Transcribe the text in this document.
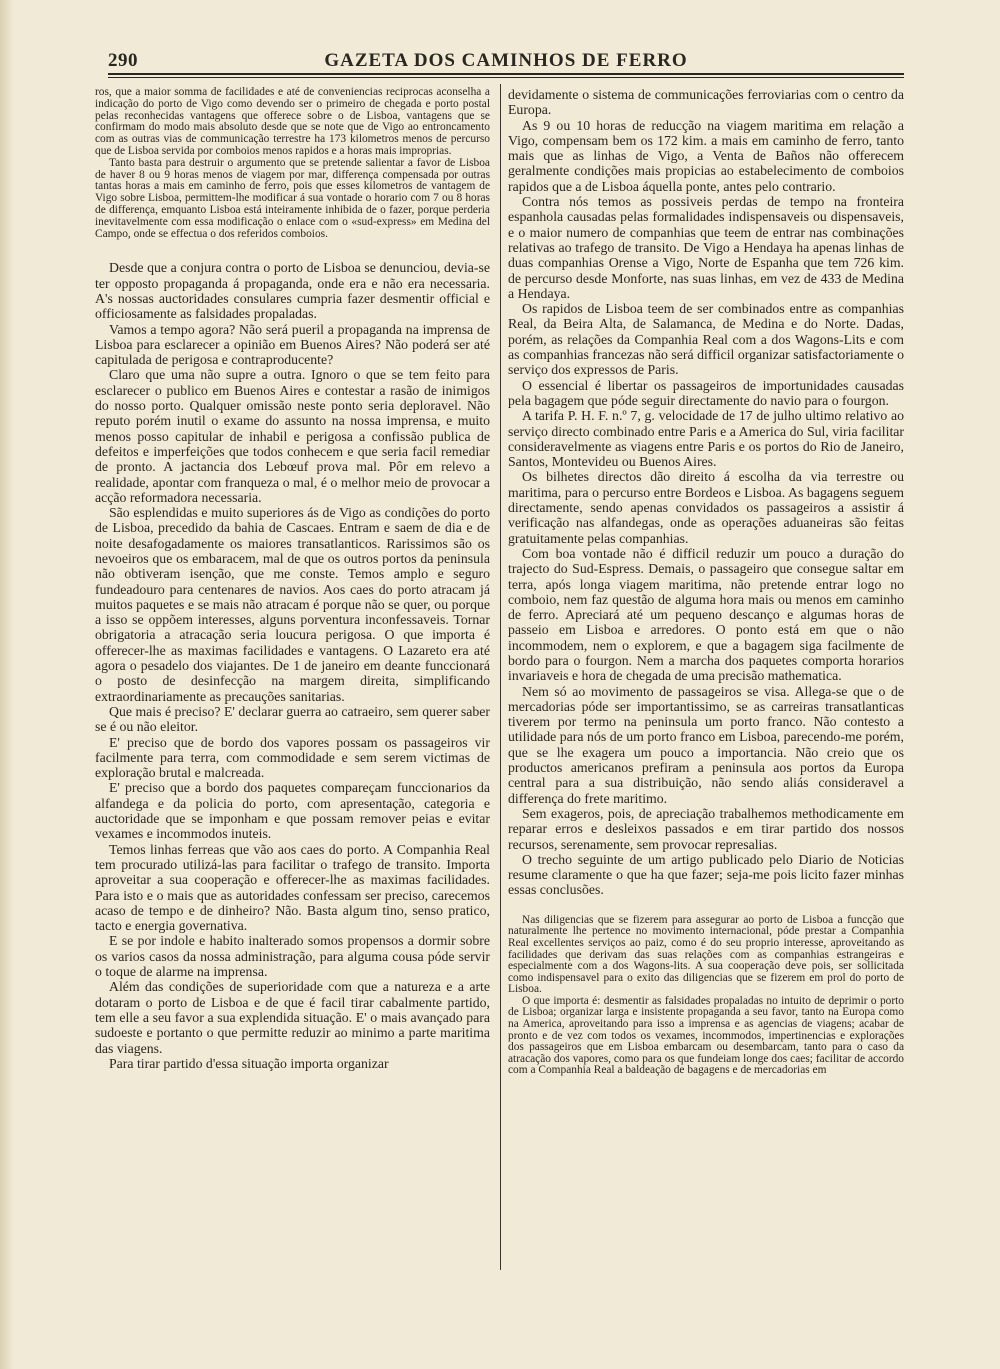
290	GAZETA DOS CAMINHOS DE FERRO

ros, que a maior somma de facilidades e até de conveniencias reciprocas aconselha a indicação do porto de Vigo como devendo ser o primeiro de chegada e porto postal pelas reconhecidas vantagens que offerece sobre o de Lisboa, vantagens que se confirmam do modo mais absoluto desde que se note que de Vigo ao entroncamento com as outras vias de communicação terrestre ha 173 kilometros menos de percurso que de Lisboa servida por comboios menos rapidos e a horas mais improprias.

Tanto basta para destruir o argumento que se pretende salientar a favor de Lisboa de haver 8 ou 9 horas menos de viagem por mar, differença compensada por outras tantas horas a mais em caminho de ferro, pois que esses kilometros de vantagem de Vigo sobre Lisboa, permittem-lhe modificar á sua vontade o horario com 7 ou 8 horas de differença, emquanto Lisboa está inteiramente inhibida de o fazer, porque perderia inevitavelmente com essa modificação o enlace com o «sud-express» em Medina del Campo, onde se effectua o dos referidos comboios.

Desde que a conjura contra o porto de Lisboa se denunciou, devia-se ter opposto propaganda á propaganda, onde era e não era necessaria. A's nossas auctoridades consulares cumpria fazer desmentir official e officiosamente as falsidades propaladas.

Vamos a tempo agora? Não será pueril a propaganda na imprensa de Lisboa para esclarecer a opinião em Buenos Aires? Não poderá ser até capitulada de perigosa e contraproducente?

Claro que uma não supre a outra. Ignoro o que se tem feito para esclarecer o publico em Buenos Aires e contestar a rasão de inimigos do nosso porto. Qualquer omissão neste ponto seria deploravel. Não reputo porém inutil o exame do assunto na nossa imprensa, e muito menos posso capitular de inhabil e perigosa a confissão publica de defeitos e imperfeições que todos conhecem e que seria facil remediar de pronto. A jactancia dos Lebœuf prova mal. Pôr em relevo a realidade, apontar com franqueza o mal, é o melhor meio de provocar a acção reformadora necessaria.

São esplendidas e muito superiores ás de Vigo as condições do porto de Lisboa, precedido da bahia de Cascaes. Entram e saem de dia e de noite desafogadamente os maiores transatlanticos. Rarissimos são os nevoeiros que os embaracem, mal de que os outros portos da peninsula não obtiveram isenção, que me conste. Temos amplo e seguro fundeadouro para centenares de navios. Aos caes do porto atracam já muitos paquetes e se mais não atracam é porque não se quer, ou porque a isso se oppõem interesses, alguns porventura inconfessaveis. Tornar obrigatoria a atracação seria loucura perigosa. O que importa é offerecer-lhe as maximas facilidades e vantagens. O Lazareto era até agora o pesadelo dos viajantes. De 1 de janeiro em deante funccionará o posto de desinfecção na margem direita, simplificando extraordinariamente as precauções sanitarias.

Que mais é preciso? E' declarar guerra ao catraeiro, sem querer saber se é ou não eleitor.

E' preciso que de bordo dos vapores possam os passageiros vir facilmente para terra, com commodidade e sem serem victimas de exploração brutal e malcreada.

E' preciso que a bordo dos paquetes compareçam funccionarios da alfandega e da policia do porto, com apresentação, categoria e auctoridade que se imponham e que possam remover peias e evitar vexames e incommodos inuteis.

Temos linhas ferreas que vão aos caes do porto. A Companhia Real tem procurado utilizá-las para facilitar o trafego de transito. Importa aproveitar a sua cooperação e offerecer-lhe as maximas facilidades. Para isto e o mais que as autoridades confessam ser preciso, carecemos acaso de tempo e de dinheiro? Não. Basta algum tino, senso pratico, tacto e energia governativa.

E se por indole e habito inalterado somos propensos a dormir sobre os varios casos da nossa administração, para alguma cousa póde servir o toque de alarme na imprensa.

Além das condições de superioridade com que a natureza e a arte dotaram o porto de Lisboa e de que é facil tirar cabalmente partido, tem elle a seu favor a sua explendida situação. E' o mais avançado para sudoeste e portanto o que permitte reduzir ao minimo a parte maritima das viagens.

Para tirar partido d'essa situação importa organizar

devidamente o sistema de communicações ferroviarias com o centro da Europa.

As 9 ou 10 horas de reducção na viagem maritima em relação a Vigo, compensam bem os 172 kim. a mais em caminho de ferro, tanto mais que as linhas de Vigo, a Venta de Baños não offerecem geralmente condições mais propicias ao estabelecimento de comboios rapidos que a de Lisboa áquella ponte, antes pelo contrario.

Contra nós temos as possiveis perdas de tempo na fronteira espanhola causadas pelas formalidades indispensaveis ou dispensaveis, e o maior numero de companhias que teem de entrar nas combinações relativas ao trafego de transito. De Vigo a Hendaya ha apenas linhas de duas companhias Orense a Vigo, Norte de Espanha que tem 726 kim. de percurso desde Monforte, nas suas linhas, em vez de 433 de Medina a Hendaya.

Os rapidos de Lisboa teem de ser combinados entre as companhias Real, da Beira Alta, de Salamanca, de Medina e do Norte. Dadas, porém, as relações da Companhia Real com a dos Wagons-Lits e com as companhias francezas não será difficil organizar satisfactoriamente o serviço dos expressos de Paris.

O essencial é libertar os passageiros de importunidades causadas pela bagagem que póde seguir directamente do navio para o fourgon.

A tarifa P. H. F. n.º 7, g. velocidade de 17 de julho ultimo relativo ao serviço directo combinado entre Paris e a America do Sul, viria facilitar consideravelmente as viagens entre Paris e os portos do Rio de Janeiro, Santos, Montevideu ou Buenos Aires.

Os bilhetes directos dão direito á escolha da via terrestre ou maritima, para o percurso entre Bordeos e Lisboa. As bagagens seguem directamente, sendo apenas convidados os passageiros a assistir á verificação nas alfandegas, onde as operações aduaneiras são feitas gratuitamente pelas companhias.

Com boa vontade não é difficil reduzir um pouco a duração do trajecto do Sud-Espress. Demais, o passageiro que consegue saltar em terra, após longa viagem maritima, não pretende entrar logo no comboio, nem faz questão de alguma hora mais ou menos em caminho de ferro. Apreciará até um pequeno descanço e algumas horas de passeio em Lisboa e arredores. O ponto está em que o não incommodem, nem o explorem, e que a bagagem siga facilmente de bordo para o fourgon. Nem a marcha dos paquetes comporta horarios invariaveis e hora de chegada de uma precisão mathematica.

Nem só ao movimento de passageiros se visa. Allega-se que o de mercadorias póde ser importantissimo, se as carreiras transatlanticas tiverem por termo na peninsula um porto franco. Não contesto a utilidade para nós de um porto franco em Lisboa, parecendo-me porém, que se lhe exagera um pouco a importancia. Não creio que os productos americanos prefiram a peninsula aos portos da Europa central para a sua distribuição, não sendo aliás consideravel a differença do frete maritimo.

Sem exageros, pois, de apreciação trabalhemos methodicamente em reparar erros e desleixos passados e em tirar partido dos nossos recursos, serenamente, sem provocar represalias.

O trecho seguinte de um artigo publicado pelo Diario de Noticias resume claramente o que ha que fazer; seja-me pois licito fazer minhas essas conclusões.

Nas diligencias que se fizerem para assegurar ao porto de Lisboa a funcção que naturalmente lhe pertence no movimento internacional, póde prestar a Companhia Real excellentes serviços ao paiz, como é do seu proprio interesse, aproveitando as facilidades que derivam das suas relações com as companhias estrangeiras e especialmente com a dos Wagons-lits. A sua cooperação deve pois, ser sollicitada como indispensavel para o exito das diligencias que se fizerem em prol do porto de Lisboa.

O que importa é: desmentir as falsidades propaladas no intuito de deprimir o porto de Lisboa; organizar larga e insistente propaganda a seu favor, tanto na Europa como na America, aproveitando para isso a imprensa e as agencias de viagens; acabar de pronto e de vez com todos os vexames, incommodos, impertinencias e explorações dos passageiros que em Lisboa embarcam ou desembarcam, tanto para o caso da atracação dos vapores, como para os que fundeiam longe dos caes; facilitar de accordo com a Companhia Real a baldeação de bagagens e de mercadorias em
